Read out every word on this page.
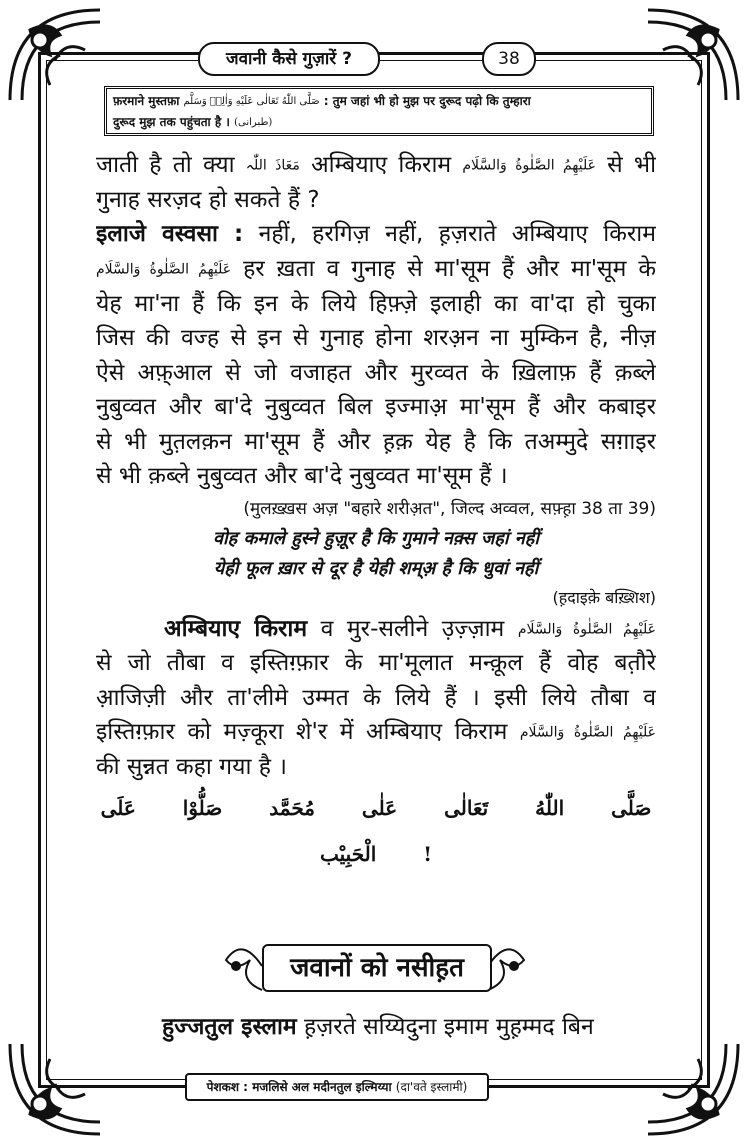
जवानी कैसे गुज़ारें ?	38
फ़रमाने मुस्तफ़ा صَلَّى اللّٰهُ تَعَالٰى عَلَيْهِ وَاٰلِهٖ وَسَلَّم : तुम जहां भी हो मुझ पर दुरूद पढ़ो कि तुम्हारा
दुरूद मुझ तक पहुंचता है । (طبرانی)
जाती है तो क्या مَعَاذَ اللّٰہ अम्बियाए किराम عَلَيْهِمُ الصَّلٰوةُ وَالسَّلَام से भी
गुनाह सरज़द हो सकते हैं ?
इलाजे वस्वसा : नहीं, हरगिज़ नहीं, ह़ज़राते अम्बियाए किराम
عَلَيْهِمُ الصَّلٰوةُ وَالسَّلَام हर ख़ता व गुनाह से मा'सूम हैं और मा'सूम के
येह मा'ना हैं कि इन के लिये हिफ़्ज़े इलाही का वा'दा हो चुका
जिस की वज्ह से इन से गुनाह होना शरअ़न ना मुम्किन है, नीज़
ऐसे अफ़्आल से जो वजाहत और मुरव्वत के ख़िलाफ़ हैं क़ब्ले
नुबुव्वत और बा'दे नुबुव्वत बिल इज्माअ़ मा'सूम हैं और कबाइर
से भी मुत़लक़न मा'सूम हैं और ह़क़ येह है कि तअम्मुदे सग़ाइर
से भी क़ब्ले नुबुव्वत और बा'दे नुबुव्वत मा'सूम हैं ।
(मुलख़्ख़स अज़ "बहारे शरीअ़त", जिल्द अव्वल, सफ़्ह़ा 38 ता 39)
वोह कमाले हुस्ने हुज़ूर है कि गुमाने नक़्स जहां नहीं
येही फूल ख़ार से दूर है येही शम्अ़ है कि धुवां नहीं
(ह़दाइक़े बख़्शिश)
अम्बियाए किराम व मुर-सलीने उ़ज़्ज़ाम عَلَيْهِمُ الصَّلٰوةُ وَالسَّلَام
से जो तौबा व इस्तिग़्फ़ार के मा'मूलात मन्क़ूल हैं वोह बत़ौरे
आ़जिज़ी और ता'लीमे उम्मत के लिये हैं । इसी लिये तौबा व
इस्तिग़्फ़ार को मज़्कूरा शे'र में अम्बियाए किराम عَلَيْهِمُ الصَّلٰوةُ وَالسَّلَام
की सुन्नत कहा गया है ।
صَلَّى اللّٰهُ تَعَالٰى عَلٰى مُحَمَّد صَلُّوْا عَلَى الْحَبِيْب !
जवानों को नसीह़त
हुज्जतुल इस्लाम ह़ज़रते सय्यिदुना इमाम मुह़म्मद बिन
पेशकश : मजलिसे अल मदीनतुल इल्मिय्या (दा'वते इस्लामी)
